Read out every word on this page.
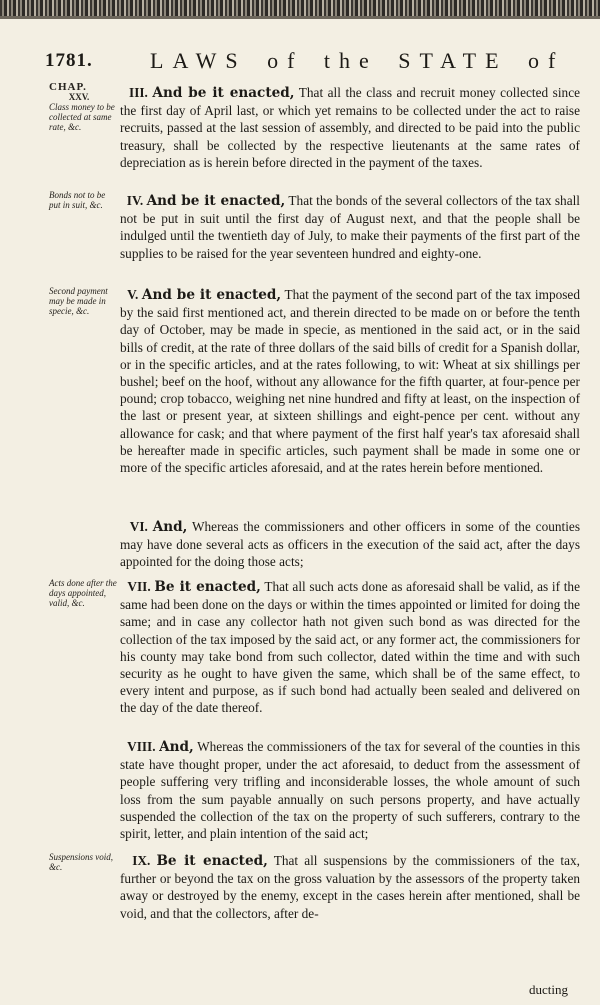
1781.	LAWS of the STATE of
CHAP.
XXV.
Class money to be collected at same rate, &c.
Bonds not to be put in suit, &c.
Second payment may be made in specie, &c.
Acts done after the days appointed, valid, &c.
Suspensions void, &c.
III. And be it enacted, That all the class and recruit money collected since the first day of April last, or which yet remains to be collected under the act to raise recruits, passed at the last session of assembly, and directed to be paid into the public treasury, shall be collected by the respective lieutenants at the same rates of depreciation as is herein before directed in the payment of the taxes.
IV. And be it enacted, That the bonds of the several collectors of the tax shall not be put in suit until the first day of August next, and that the people shall be indulged until the twentieth day of July, to make their payments of the first part of the supplies to be raised for the year seventeen hundred and eighty-one.
V. And be it enacted, That the payment of the second part of the tax imposed by the said first mentioned act, and therein directed to be made on or before the tenth day of October, may be made in specie, as mentioned in the said act, or in the said bills of credit, at the rate of three dollars of the said bills of credit for a Spanish dollar, or in the specific articles, and at the rates following, to wit: Wheat at six shillings per bushel; beef on the hoof, without any allowance for the fifth quarter, at four-pence per pound; crop tobacco, weighing net nine hundred and fifty at least, on the inspection of the last or present year, at sixteen shillings and eight-pence per cent. without any allowance for cask; and that where payment of the first half year's tax aforesaid shall be hereafter made in specific articles, such payment shall be made in some one or more of the specific articles aforesaid, and at the rates herein before mentioned.
VI. And, Whereas the commissioners and other officers in some of the counties may have done several acts as officers in the execution of the said act, after the days appointed for the doing those acts;
VII. Be it enacted, That all such acts done as aforesaid shall be valid, as if the same had been done on the days or within the times appointed or limited for doing the same; and in case any collector hath not given such bond as was directed for the collection of the tax imposed by the said act, or any former act, the commissioners for his county may take bond from such collector, dated within the time and with such security as he ought to have given the same, which shall be of the same effect, to every intent and purpose, as if such bond had actually been sealed and delivered on the day of the date thereof.
VIII. And, Whereas the commissioners of the tax for several of the counties in this state have thought proper, under the act aforesaid, to deduct from the assessment of people suffering very trifling and inconsiderable losses, the whole amount of such loss from the sum payable annually on such persons property, and have actually suspended the collection of the tax on the property of such sufferers, contrary to the spirit, letter, and plain intention of the said act;
IX. Be it enacted, That all suspensions by the commissioners of the tax, further or beyond the tax on the gross valuation by the assessors of the property taken away or destroyed by the enemy, except in the cases herein after mentioned, shall be void, and that the collectors, after de-
ducting
